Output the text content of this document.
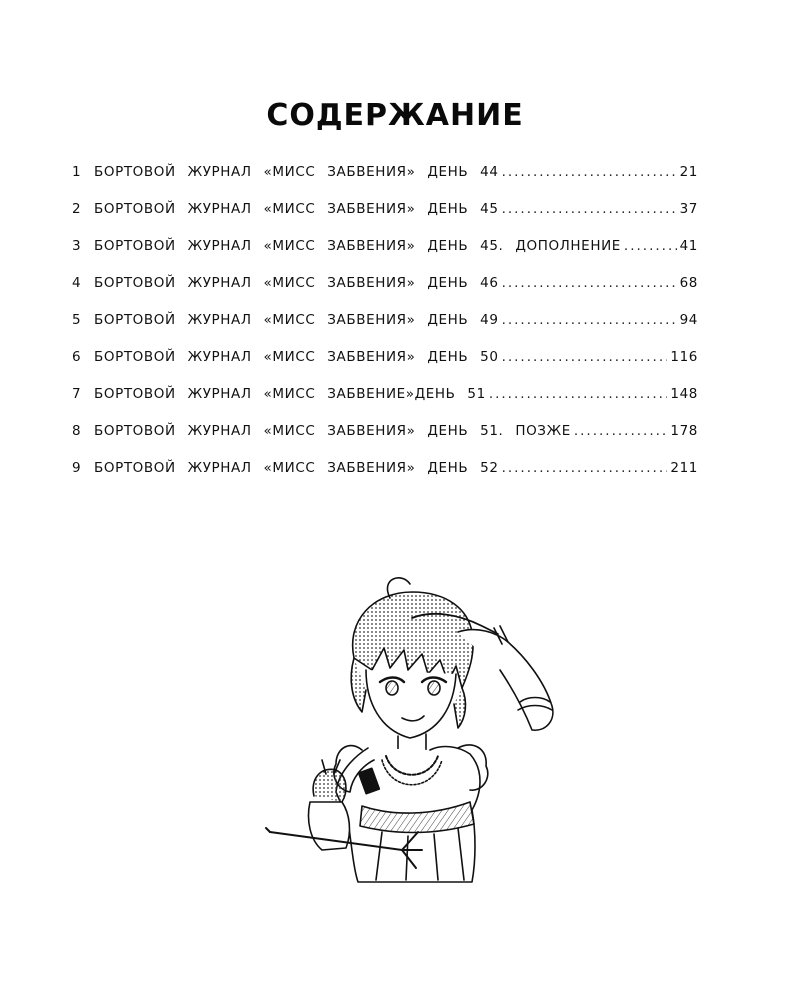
СОДЕРЖАНИЕ
1 БОРТОВОЙ ЖУРНАЛ «МИСС ЗАБВЕНИЯ» ДЕНЬ 44 .....	21
2 БОРТОВОЙ ЖУРНАЛ «МИСС ЗАБВЕНИЯ» ДЕНЬ 45 .....	37
3 БОРТОВОЙ ЖУРНАЛ «МИСС ЗАБВЕНИЯ» ДЕНЬ 45. ДОПОЛНЕНИЕ .....	41
4 БОРТОВОЙ ЖУРНАЛ «МИСС ЗАБВЕНИЯ» ДЕНЬ 46 .....	68
5 БОРТОВОЙ ЖУРНАЛ «МИСС ЗАБВЕНИЯ» ДЕНЬ 49 .....	94
6 БОРТОВОЙ ЖУРНАЛ «МИСС ЗАБВЕНИЯ» ДЕНЬ 50 .....	116
7 БОРТОВОЙ ЖУРНАЛ «МИСС ЗАБВЕНИЕ»ДЕНЬ 51 .....	148
8 БОРТОВОЙ ЖУРНАЛ «МИСС ЗАБВЕНИЯ» ДЕНЬ 51. ПОЗЖЕ .....	178
9 БОРТОВОЙ ЖУРНАЛ «МИСС ЗАБВЕНИЯ» ДЕНЬ 52 .....	211
